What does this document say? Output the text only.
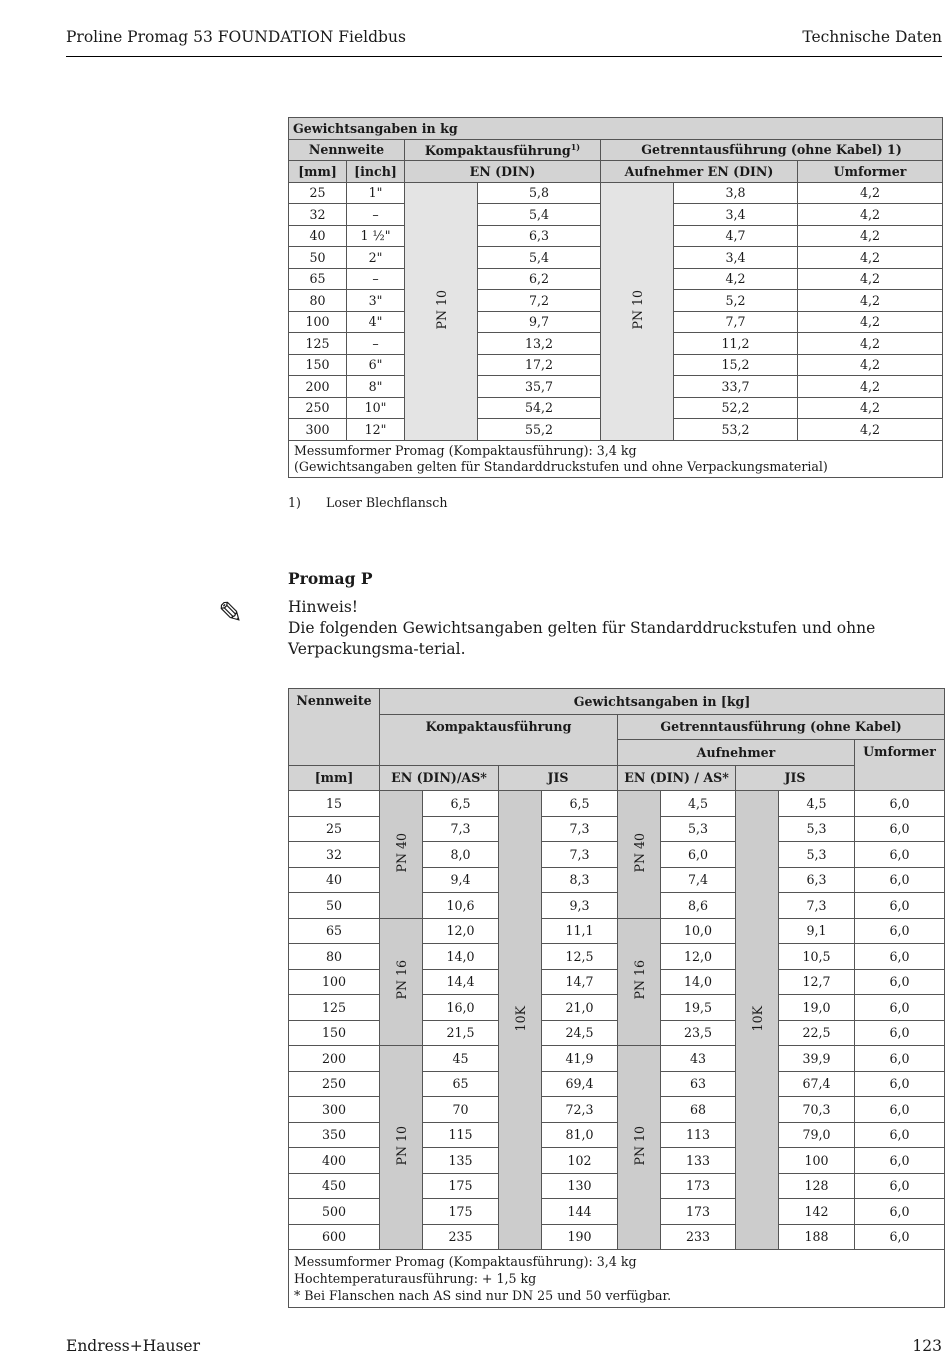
Proline Promag 53 FOUNDATION Fieldbus	Technische Daten
Gewichtsangaben in kg						
Nennweite		Kompaktausführung$^{1)}$		Getrenntausführung (ohne Kabel) 1)		
[mm]	[inch]	EN (DIN)		Aufnehmer EN (DIN)		Umformer
25	1"	PN 10	5,8	PN 10	3,8	4,2
32	–		5,4		3,4	4,2
40	1 ½"		6,3		4,7	4,2
50	2"		5,4		3,4	4,2
65	–		6,2		4,2	4,2
80	3"		7,2		5,2	4,2
100	4"		9,7		7,7	4,2
125	–		13,2		11,2	4,2
150	6"		17,2		15,2	4,2
200	8"		35,7		33,7	4,2
250	10"		54,2		52,2	4,2
300	12"		55,2		53,2	4,2

Messumformer Promag (Kompaktausführung): 3,4 kg
(Gewichtsangaben gelten für Standarddruckstufen und ohne Verpackungsmaterial)						
1) Loser Blechflansch
Promag P
✎	Hinweis!
Die folgenden Gewichtsangaben gelten für Standarddruckstufen und ohne Verpackungsma-terial.
Nennweite	Gewichtsangaben in [kg]								
	Kompaktausführung				Getrenntausführung (ohne Kabel)				
					Aufnehmer				Umformer
[mm]	EN (DIN)/AS*		JIS		EN (DIN) / AS*		JIS		
15	PN 40	6,5	10K	6,5	PN 40	4,5	10K	4,5	6,0
25		7,3		7,3		5,3		5,3	6,0
32		8,0		7,3		6,0		5,3	6,0
40		9,4		8,3		7,4		6,3	6,0
50		10,6		9,3		8,6		7,3	6,0
65	PN 16	12,0		11,1	PN 16	10,0		9,1	6,0
80		14,0		12,5		12,0		10,5	6,0
100		14,4		14,7		14,0		12,7	6,0
125		16,0		21,0		19,5		19,0	6,0
150		21,5		24,5		23,5		22,5	6,0
200	PN 10	45		41,9	PN 10	43		39,9	6,0
250		65		69,4		63		67,4	6,0
300		70		72,3		68		70,3	6,0
350		115		81,0		113		79,0	6,0
400		135		102		133		100	6,0
450		175		130		173		128	6,0
500		175		144		173		142	6,0
600		235		190		233		188	6,0

Messumformer Promag (Kompaktausführung): 3,4 kg
Hochtemperaturausführung: + 1,5 kg
* Bei Flanschen nach AS sind nur DN 25 und 50 verfügbar.									
Endress+Hauser	123
